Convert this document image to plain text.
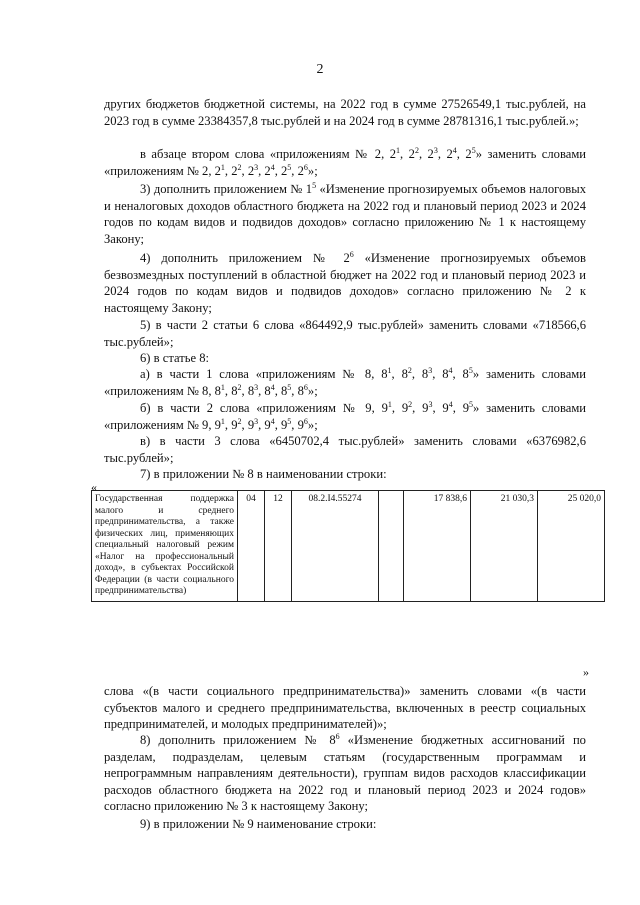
2
других бюджетов бюджетной системы, на 2022 год в сумме 27526549,1 тыс.рублей, на 2023 год в сумме 23384357,8 тыс.рублей и на 2024 год в сумме 28781316,1 тыс.рублей.»;
в абзаце втором слова «приложениям № 2, $2^1$, $2^2$, $2^3$, $2^4$, $2^5$» заменить словами «приложениям № 2, $2^1$, $2^2$, $2^3$, $2^4$, $2^5$, $2^6$»;
3) дополнить приложением № $1^5$ «Изменение прогнозируемых объемов налоговых и неналоговых доходов областного бюджета на 2022 год и плановый период 2023 и 2024 годов по кодам видов и подвидов доходов» согласно приложению № 1 к настоящему Закону;
4) дополнить приложением № $2^6$ «Изменение прогнозируемых объемов безвозмездных поступлений в областной бюджет на 2022 год и плановый период 2023 и 2024 годов по кодам видов и подвидов доходов» согласно приложению № 2 к настоящему Закону;
5) в части 2 статьи 6 слова «864492,9 тыс.рублей» заменить словами «718566,6 тыс.рублей»;
6) в статье 8:
а) в части 1 слова «приложениям № 8, $8^1$, $8^2$, $8^3$, $8^4$, $8^5$» заменить словами «приложениям № 8, $8^1$, $8^2$, $8^3$, $8^4$, $8^5$, $8^6$»;
б) в части 2 слова «приложениям № 9, $9^1$, $9^2$, $9^3$, $9^4$, $9^5$» заменить словами «приложениям № 9, $9^1$, $9^2$, $9^3$, $9^4$, $9^5$, $9^6$»;
в) в части 3 слова «6450702,4 тыс.рублей» заменить словами «6376982,6 тыс.рублей»;
7) в приложении № 8 в наименовании строки:
«
Государственная поддержка малого и среднего предпринимательства, а также физических лиц, применяющих специальный налоговый режим «Налог на профессиональный доход», в субъектах Российской Федерации (в части социального предпринимательства)	04	12	08.2.I4.55274		17 838,6	21 030,3	25 020,0
»
слова «(в части социального предпринимательства)» заменить словами «(в части субъектов малого и среднего предпринимательства, включенных в реестр социальных предпринимателей, и молодых предпринимателей)»;
8) дополнить приложением № $8^6$ «Изменение бюджетных ассигнований по разделам, подразделам, целевым статьям (государственным программам и непрограммным направлениям деятельности), группам видов расходов классификации расходов областного бюджета на 2022 год и плановый период 2023 и 2024 годов» согласно приложению № 3 к настоящему Закону;
9) в приложении № 9 наименование строки:
